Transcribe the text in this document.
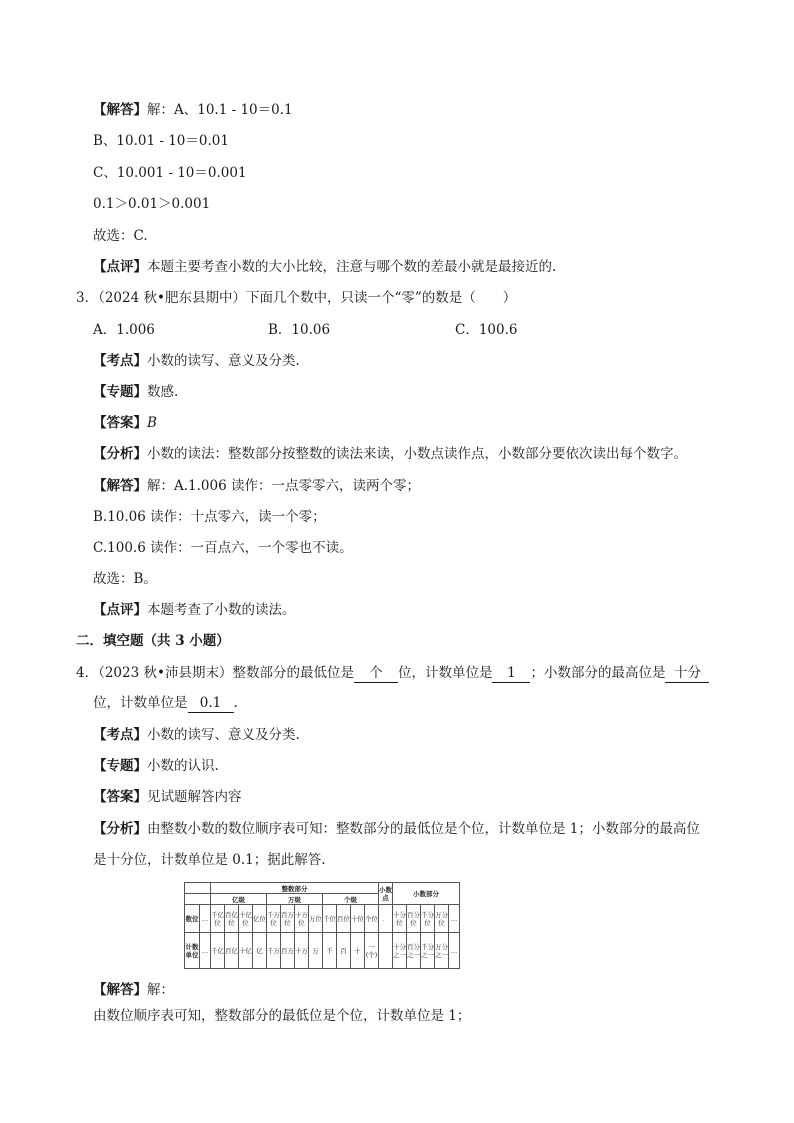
【解答】解：A、10.1 - 10＝0.1
B、10.01 - 10＝0.01
C、10.001 - 10＝0.001
0.1＞0.01＞0.001
故选：C.
【点评】本题主要考查小数的大小比较，注意与哪个数的差最小就是最接近的.
3．（2024 秋•肥东县期中）下面几个数中，只读一个“零”的数是（　　）
A．1.006	B．10.06	C．100.6
【考点】小数的读写、意义及分类.
【专题】数感.
【答案】B
【分析】小数的读法：整数部分按整数的读法来读，小数点读作点，小数部分要依次读出每个数字。
【解答】解：A.1.006 读作：一点零零六，读两个零；
B.10.06 读作：十点零六，读一个零；
C.100.6 读作：一百点六，一个零也不读。
故选：B。
【点评】本题考查了小数的读法。
二．填空题（共 3 小题）
4．（2023 秋•沛县期末）整数部分的最低位是 个 位，计数单位是 1 ；小数部分的最高位是 十分
位，计数单位是 0.1 .
【考点】小数的读写、意义及分类.
【专题】小数的认识.
【答案】见试题解答内容
【分析】由整数小数的数位顺序表可知：整数部分的最低位是个位，计数单位是 1；小数部分的最高位
是十分位，计数单位是 0.1；据此解答.
		整数部分												小数点	小数部分				
		亿级				万级				个级									
数位	…	千亿位	百亿位	十亿位	亿位	千万位	百万位	十万位	万位	千位	百位	十位	个位	．	十分位	百分位	千分位	万分位	…
计数单位	…	千亿	百亿	十亿	亿	千万	百万	十万	万	千	百	十	一(个)		十分之一	百分之一	千分之一	万分之一	…
【解答】解：
由数位顺序表可知，整数部分的最低位是个位，计数单位是 1；
